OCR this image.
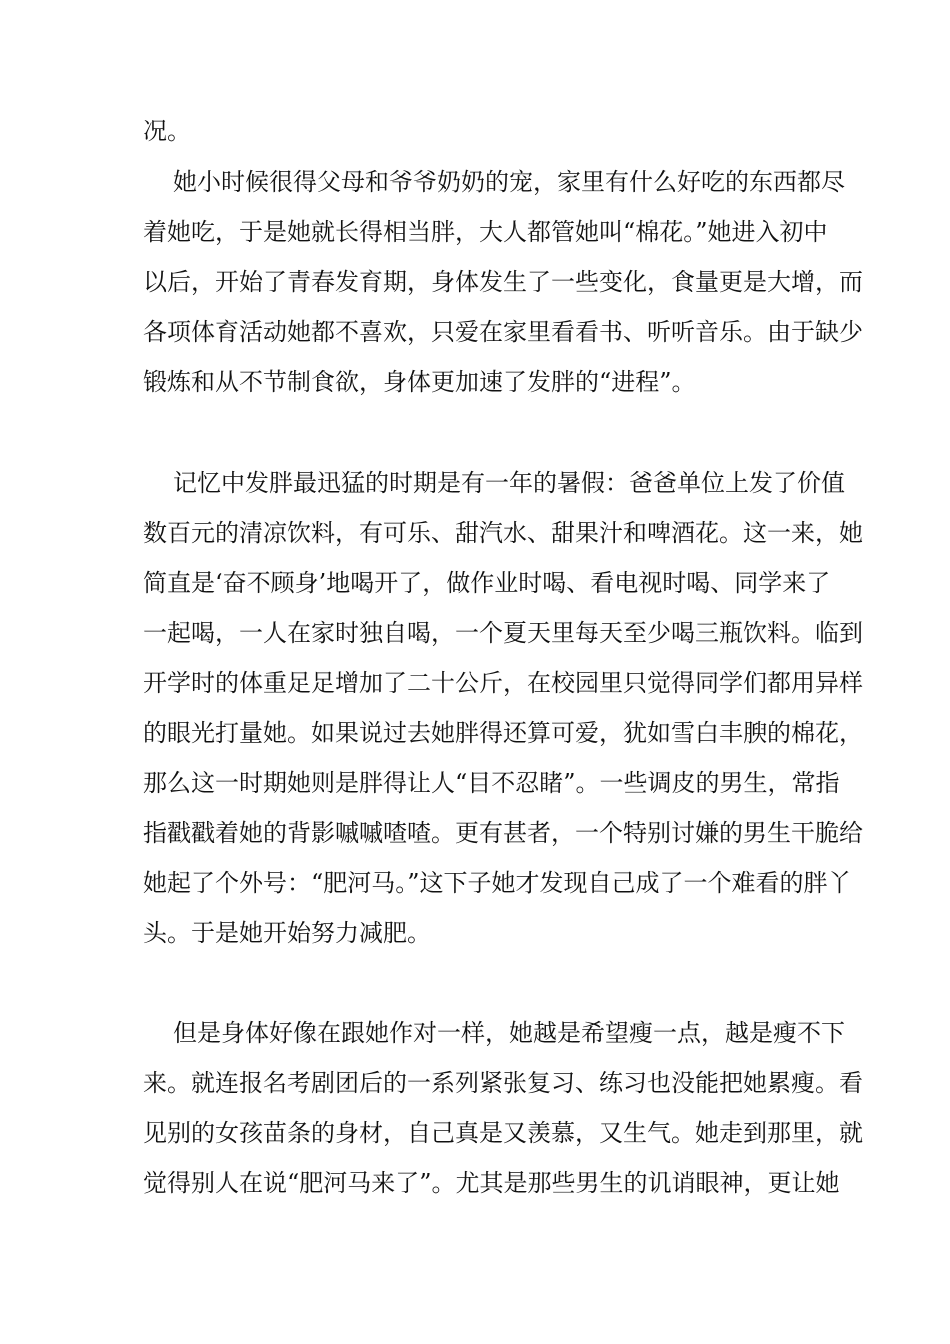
况。

她小时候很得父母和爷爷奶奶的宠，家里有什么好吃的东西都尽

着她吃，于是她就长得相当胖，大人都管她叫“棉花。”她进入初中

以后，开始了青春发育期，身体发生了一些变化，食量更是大增，而

各项体育活动她都不喜欢，只爱在家里看看书、听听音乐。由于缺少

锻炼和从不节制食欲，身体更加速了发胖的“进程”。

记忆中发胖最迅猛的时期是有一年的暑假：爸爸单位上发了价值

数百元的清凉饮料，有可乐、甜汽水、甜果汁和啤酒花。这一来，她

简直是‘奋不顾身’地喝开了，做作业时喝、看电视时喝、同学来了

一起喝，一人在家时独自喝，一个夏天里每天至少喝三瓶饮料。临到

开学时的体重足足增加了二十公斤，在校园里只觉得同学们都用异样

的眼光打量她。如果说过去她胖得还算可爱，犹如雪白丰腴的棉花，

那么这一时期她则是胖得让人“目不忍睹”。一些调皮的男生，常指

指戳戳着她的背影嘁嘁喳喳。更有甚者，一个特别讨嫌的男生干脆给

她起了个外号：“肥河马。”这下子她才发现自己成了一个难看的胖丫

头。于是她开始努力减肥。

但是身体好像在跟她作对一样，她越是希望瘦一点，越是瘦不下

来。就连报名考剧团后的一系列紧张复习、练习也没能把她累瘦。看

见别的女孩苗条的身材，自己真是又羡慕，又生气。她走到那里，就

觉得别人在说“肥河马来了”。尤其是那些男生的讥诮眼神，更让她
